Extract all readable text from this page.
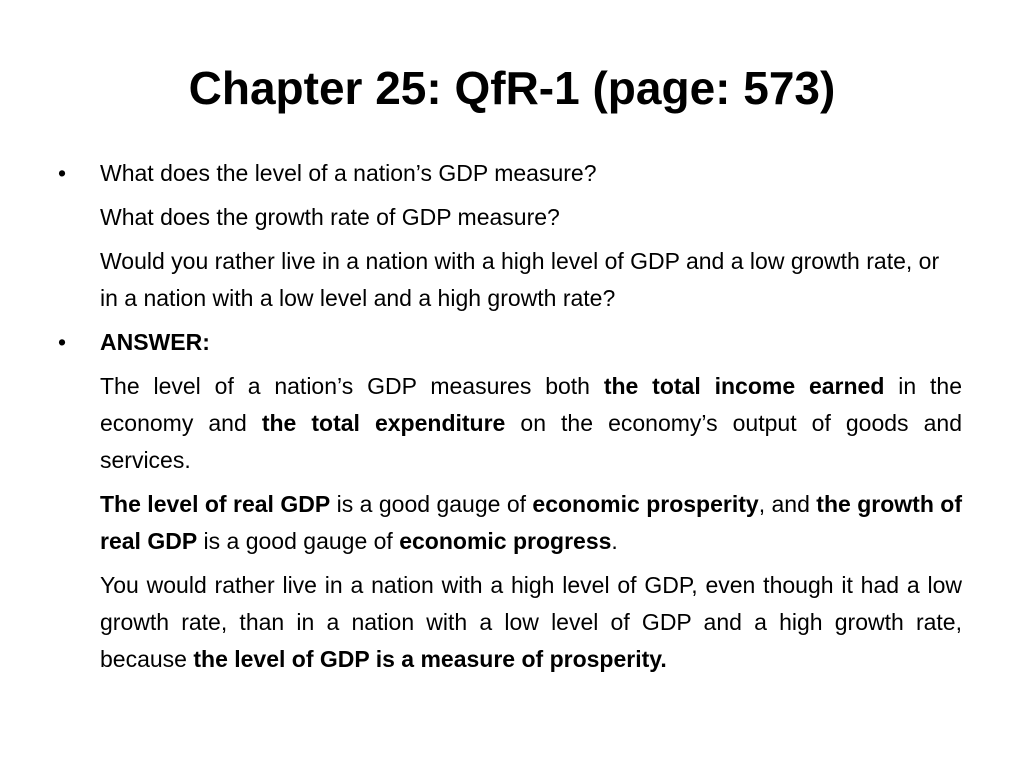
Chapter 25: QfR-1 (page: 573)
• What does the level of a nation’s GDP measure?
What does the growth rate of GDP measure?
Would you rather live in a nation with a high level of GDP and a low growth rate, or in a nation with a low level and a high growth rate?
• ANSWER:
The level of a nation’s GDP measures both the total income earned in the economy and the total expenditure on the economy’s output of goods and services.
The level of real GDP is a good gauge of economic prosperity, and the growth of real GDP is a good gauge of economic progress.
You would rather live in a nation with a high level of GDP, even though it had a low growth rate, than in a nation with a low level of GDP and a high growth rate, because the level of GDP is a measure of prosperity.
